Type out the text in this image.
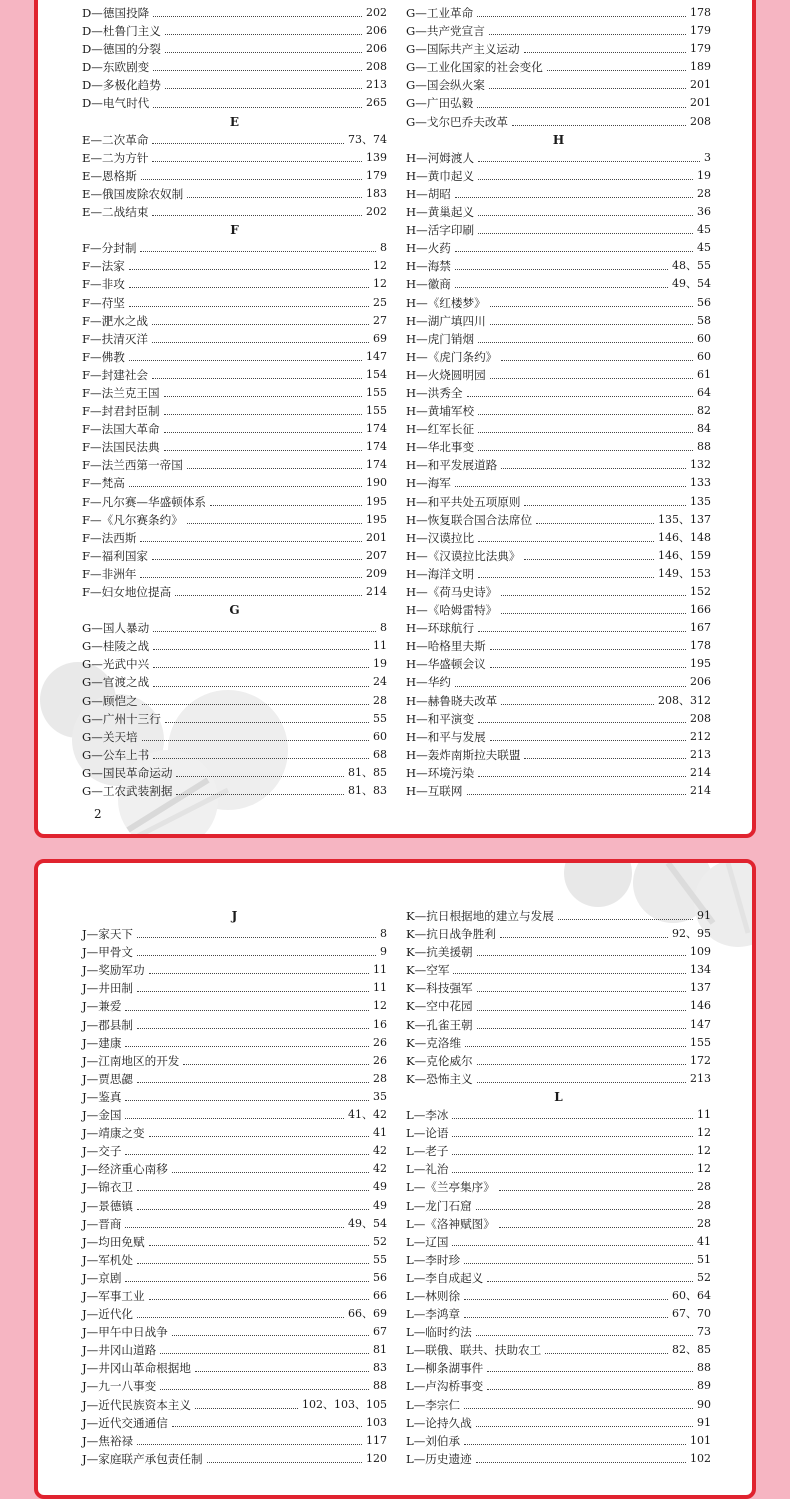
D—德国投降	202
D—杜鲁门主义	206
D—德国的分裂	206
D—东欧剧变	208
D—多极化趋势	213
D—电气时代	265
E
E—二次革命	73、74
E—二为方针	139
E—恩格斯	179
E—俄国废除农奴制	183
E—二战结束	202
F
F—分封制	8
F—法家	12
F—非攻	12
F—苻坚	25
F—淝水之战	27
F—扶清灭洋	69
F—佛教	147
F—封建社会	154
F—法兰克王国	155
F—封君封臣制	155
F—法国大革命	174
F—法国民法典	174
F—法兰西第一帝国	174
F—梵高	190
F—凡尔赛—华盛顿体系	195
F—《凡尔赛条约》	195
F—法西斯	201
F—福利国家	207
F—非洲年	209
F—妇女地位提高	214
G
G—国人暴动	8
G—桂陵之战	11
G—光武中兴	19
G—官渡之战	24
G—顾恺之	28
G—广州十三行	55
G—关天培	60
G—公车上书	68
G—国民革命运动	81、85
G—工农武装割据	81、83
G—工业革命	178
G—共产党宣言	179
G—国际共产主义运动	179
G—工业化国家的社会变化	189
G—国会纵火案	201
G—广田弘毅	201
G—戈尔巴乔夫改革	208
H
H—河姆渡人	3
H—黄巾起义	19
H—胡昭	28
H—黄巢起义	36
H—活字印刷	45
H—火药	45
H—海禁	48、55
H—徽商	49、54
H—《红楼梦》	56
H—湖广填四川	58
H—虎门销烟	60
H—《虎门条约》	60
H—火烧圆明园	61
H—洪秀全	64
H—黄埔军校	82
H—红军长征	84
H—华北事变	88
H—和平发展道路	132
H—海军	133
H—和平共处五项原则	135
H—恢复联合国合法席位	135、137
H—汉谟拉比	146、148
H—《汉谟拉比法典》	146、159
H—海洋文明	149、153
H—《荷马史诗》	152
H—《哈姆雷特》	166
H—环球航行	167
H—哈格里夫斯	178
H—华盛顿会议	195
H—华约	206
H—赫鲁晓夫改革	208、312
H—和平演变	208
H—和平与发展	212
H—轰炸南斯拉夫联盟	213
H—环境污染	214
H—互联网	214
2
J
J—家天下	8
J—甲骨文	9
J—奖励军功	11
J—井田制	11
J—兼爱	12
J—郡县制	16
J—建康	26
J—江南地区的开发	26
J—贾思勰	28
J—鉴真	35
J—金国	41、42
J—靖康之变	41
J—交子	42
J—经济重心南移	42
J—锦衣卫	49
J—景德镇	49
J—晋商	49、54
J—均田免赋	52
J—军机处	55
J—京剧	56
J—军事工业	66
J—近代化	66、69
J—甲午中日战争	67
J—井冈山道路	81
J—井冈山革命根据地	83
J—九一八事变	88
J—近代民族资本主义	102、103、105
J—近代交通通信	103
J—焦裕禄	117
J—家庭联产承包责任制	120
K—抗日根据地的建立与发展	91
K—抗日战争胜利	92、95
K—抗美援朝	109
K—空军	134
K—科技强军	137
K—空中花园	146
K—孔雀王朝	147
K—克洛维	155
K—克伦威尔	172
K—恐怖主义	213
L
L—李冰	11
L—论语	12
L—老子	12
L—礼治	12
L—《兰亭集序》	28
L—龙门石窟	28
L—《洛神赋图》	28
L—辽国	41
L—李时珍	51
L—李自成起义	52
L—林则徐	60、64
L—李鸿章	67、70
L—临时约法	73
L—联俄、联共、扶助农工	82、85
L—柳条湖事件	88
L—卢沟桥事变	89
L—李宗仁	90
L—论持久战	91
L—刘伯承	101
L—历史遗迹	102
